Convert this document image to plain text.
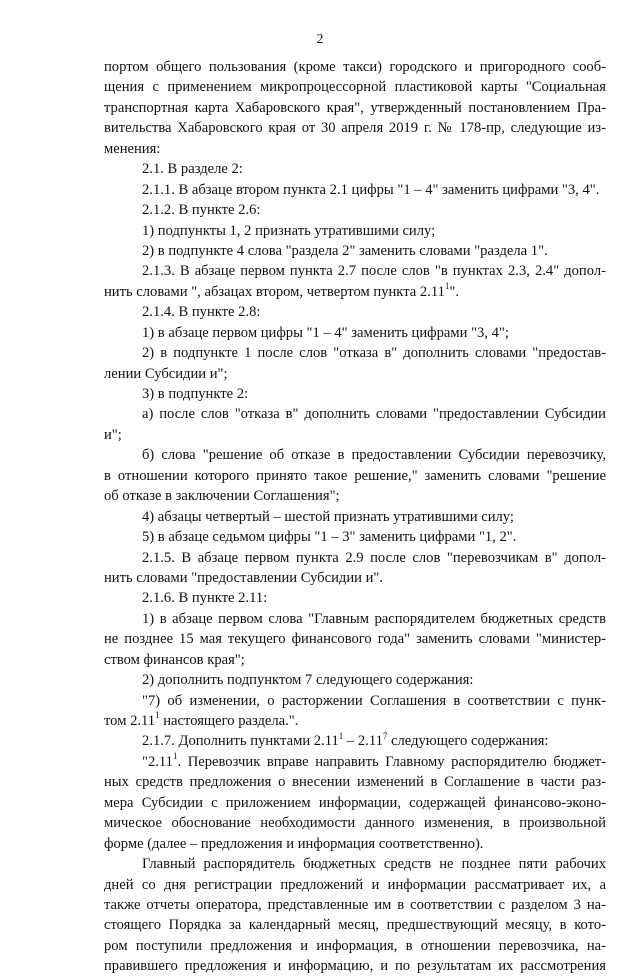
2
портом общего пользования (кроме такси) городского и пригородного сооб-
щения с применением микропроцессорной пластиковой карты "Социальная
транспортная карта Хабаровского края", утвержденный постановлением Пра-
вительства Хабаровского края от 30 апреля 2019 г. № 178-пр, следующие из-
менения:
2.1. В разделе 2:
2.1.1. В абзаце втором пункта 2.1 цифры "1 – 4" заменить цифрами "3, 4".
2.1.2. В пункте 2.6:
1) подпункты 1, 2 признать утратившими силу;
2) в подпункте 4 слова "раздела 2" заменить словами "раздела 1".
2.1.3. В абзаце первом пункта 2.7 после слов "в пунктах 2.3, 2.4" допол-
нить словами ", абзацах втором, четвертом пункта 2.11$^1$".
2.1.4. В пункте 2.8:
1) в абзаце первом цифры "1 – 4" заменить цифрами "3, 4";
2) в подпункте 1 после слов "отказа в" дополнить словами "предостав-
лении Субсидии и";
3) в подпункте 2:
а) после слов "отказа в" дополнить словами "предоставлении Субсидии
и";
б) слова "решение об отказе в предоставлении Субсидии перевозчику,
в отношении которого принято такое решение," заменить словами "решение
об отказе в заключении Соглашения";
4) абзацы четвертый – шестой признать утратившими силу;
5) в абзаце седьмом цифры "1 – 3" заменить цифрами "1, 2".
2.1.5. В абзаце первом пункта 2.9 после слов "перевозчикам в" допол-
нить словами "предоставлении Субсидии и".
2.1.6. В пункте 2.11:
1) в абзаце первом слова "Главным распорядителем бюджетных средств
не позднее 15 мая текущего финансового года" заменить словами "министер-
ством финансов края";
2) дополнить подпунктом 7 следующего содержания:
"7) об изменении, о расторжении Соглашения в соответствии с пунк-
том 2.11$^1$ настоящего раздела.".
2.1.7. Дополнить пунктами 2.11$^1$ – 2.11$^7$ следующего содержания:
"2.11$^1$. Перевозчик вправе направить Главному распорядителю бюджет-
ных средств предложения о внесении изменений в Соглашение в части раз-
мера Субсидии с приложением информации, содержащей финансово-эконо-
мическое обоснование необходимости данного изменения, в произвольной
форме (далее – предложения и информация соответственно).
Главный распорядитель бюджетных средств не позднее пяти рабочих
дней со дня регистрации предложений и информации рассматривает их, а
также отчеты оператора, представленные им в соответствии с разделом 3 на-
стоящего Порядка за календарный месяц, предшествующий месяцу, в кото-
ром поступили предложения и информация, в отношении перевозчика, на-
правившего предложения и информацию, и по результатам их рассмотрения
